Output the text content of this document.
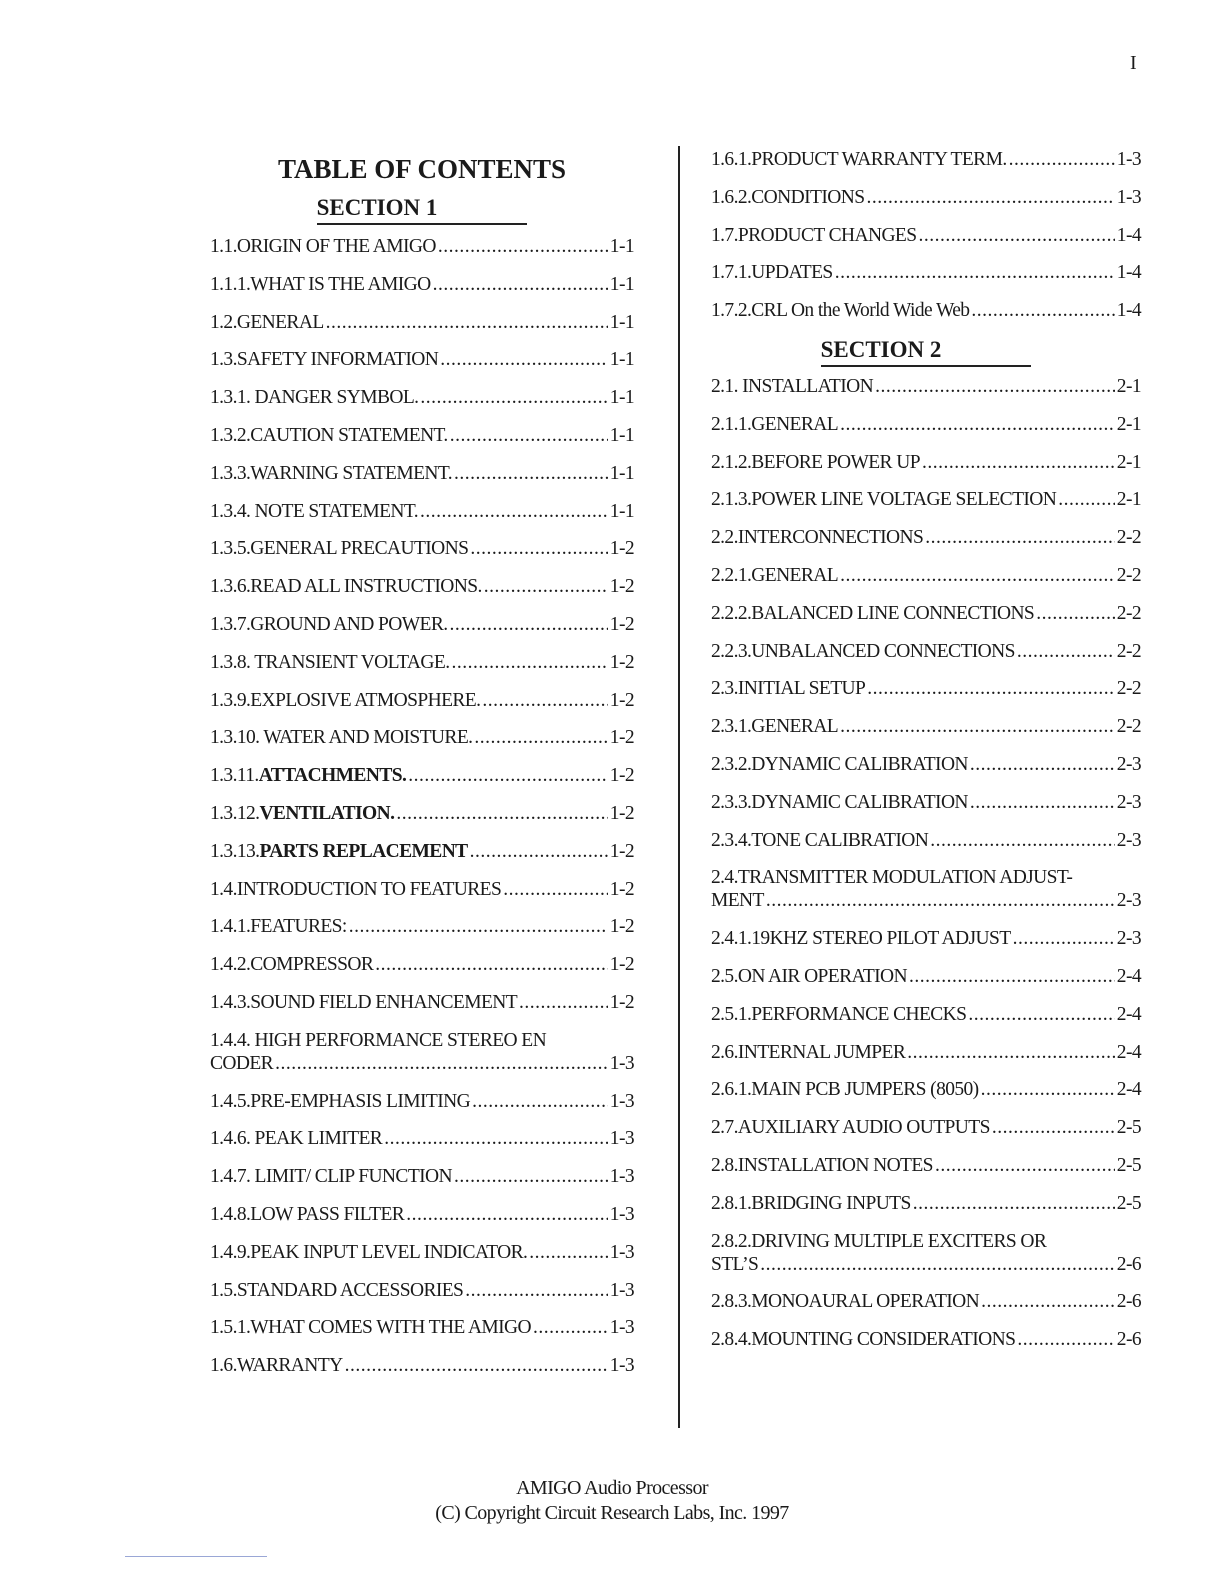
I
TABLE OF CONTENTS
SECTION 1
1.1.ORIGIN OF THE AMIGO .....	1-1
1.1.1.WHAT IS THE AMIGO .....	1-1
1.2.GENERAL .....	1-1
1.3.SAFETY INFORMATION .....	1-1
1.3.1. DANGER SYMBOL. .....	1-1
1.3.2.CAUTION STATEMENT. .....	1-1
1.3.3.WARNING STATEMENT. .....	1-1
1.3.4. NOTE STATEMENT. .....	1-1
1.3.5.GENERAL PRECAUTIONS .....	1-2
1.3.6.READ ALL INSTRUCTIONS. .....	1-2
1.3.7.GROUND AND POWER. .....	1-2
1.3.8. TRANSIENT VOLTAGE. .....	1-2
1.3.9.EXPLOSIVE ATMOSPHERE. .....	1-2
1.3.10. WATER AND MOISTURE. .....	1-2
1.3.11.ATTACHMENTS. .....	1-2
1.3.12.VENTILATION. .....	1-2
1.3.13.PARTS REPLACEMENT .....	1-2
1.4.INTRODUCTION TO FEATURES .....	1-2
1.4.1.FEATURES: .....	1-2
1.4.2.COMPRESSOR .....	1-2
1.4.3.SOUND FIELD ENHANCEMENT .....	1-2
1.4.4. HIGH PERFORMANCE STEREO EN
CODER .....	1-3
1.4.5.PRE-EMPHASIS LIMITING .....	1-3
1.4.6. PEAK LIMITER .....	1-3
1.4.7. LIMIT/ CLIP FUNCTION .....	1-3
1.4.8.LOW PASS FILTER .....	1-3
1.4.9.PEAK INPUT LEVEL INDICATOR. .....	1-3
1.5.STANDARD ACCESSORIES .....	1-3
1.5.1.WHAT COMES WITH THE AMIGO .....	1-3
1.6.WARRANTY .....	1-3
1.6.1.PRODUCT WARRANTY TERM. .....	1-3
1.6.2.CONDITIONS .....	1-3
1.7.PRODUCT CHANGES .....	1-4
1.7.1.UPDATES .....	1-4
1.7.2.CRL On the World Wide Web .....	1-4
SECTION 2
2.1. INSTALLATION .....	2-1
2.1.1.GENERAL .....	2-1
2.1.2.BEFORE POWER UP .....	2-1
2.1.3.POWER LINE VOLTAGE SELECTION .....	2-1
2.2.INTERCONNECTIONS .....	2-2
2.2.1.GENERAL .....	2-2
2.2.2.BALANCED LINE CONNECTIONS .....	2-2
2.2.3.UNBALANCED CONNECTIONS .....	2-2
2.3.INITIAL SETUP .....	2-2
2.3.1.GENERAL .....	2-2
2.3.2.DYNAMIC CALIBRATION .....	2-3
2.3.3.DYNAMIC CALIBRATION .....	2-3
2.3.4.TONE CALIBRATION .....	2-3
2.4.TRANSMITTER MODULATION ADJUST-
MENT .....	2-3
2.4.1.19KHZ STEREO PILOT ADJUST .....	2-3
2.5.ON AIR OPERATION .....	2-4
2.5.1.PERFORMANCE CHECKS .....	2-4
2.6.INTERNAL JUMPER .....	2-4
2.6.1.MAIN PCB JUMPERS (8050) .....	2-4
2.7.AUXILIARY AUDIO OUTPUTS .....	2-5
2.8.INSTALLATION NOTES .....	2-5
2.8.1.BRIDGING INPUTS .....	2-5
2.8.2.DRIVING MULTIPLE EXCITERS OR
STL’S .....	2-6
2.8.3.MONOAURAL OPERATION .....	2-6
2.8.4.MOUNTING CONSIDERATIONS .....	2-6
AMIGO Audio Processor
(C) Copyright Circuit Research Labs, Inc. 1997
